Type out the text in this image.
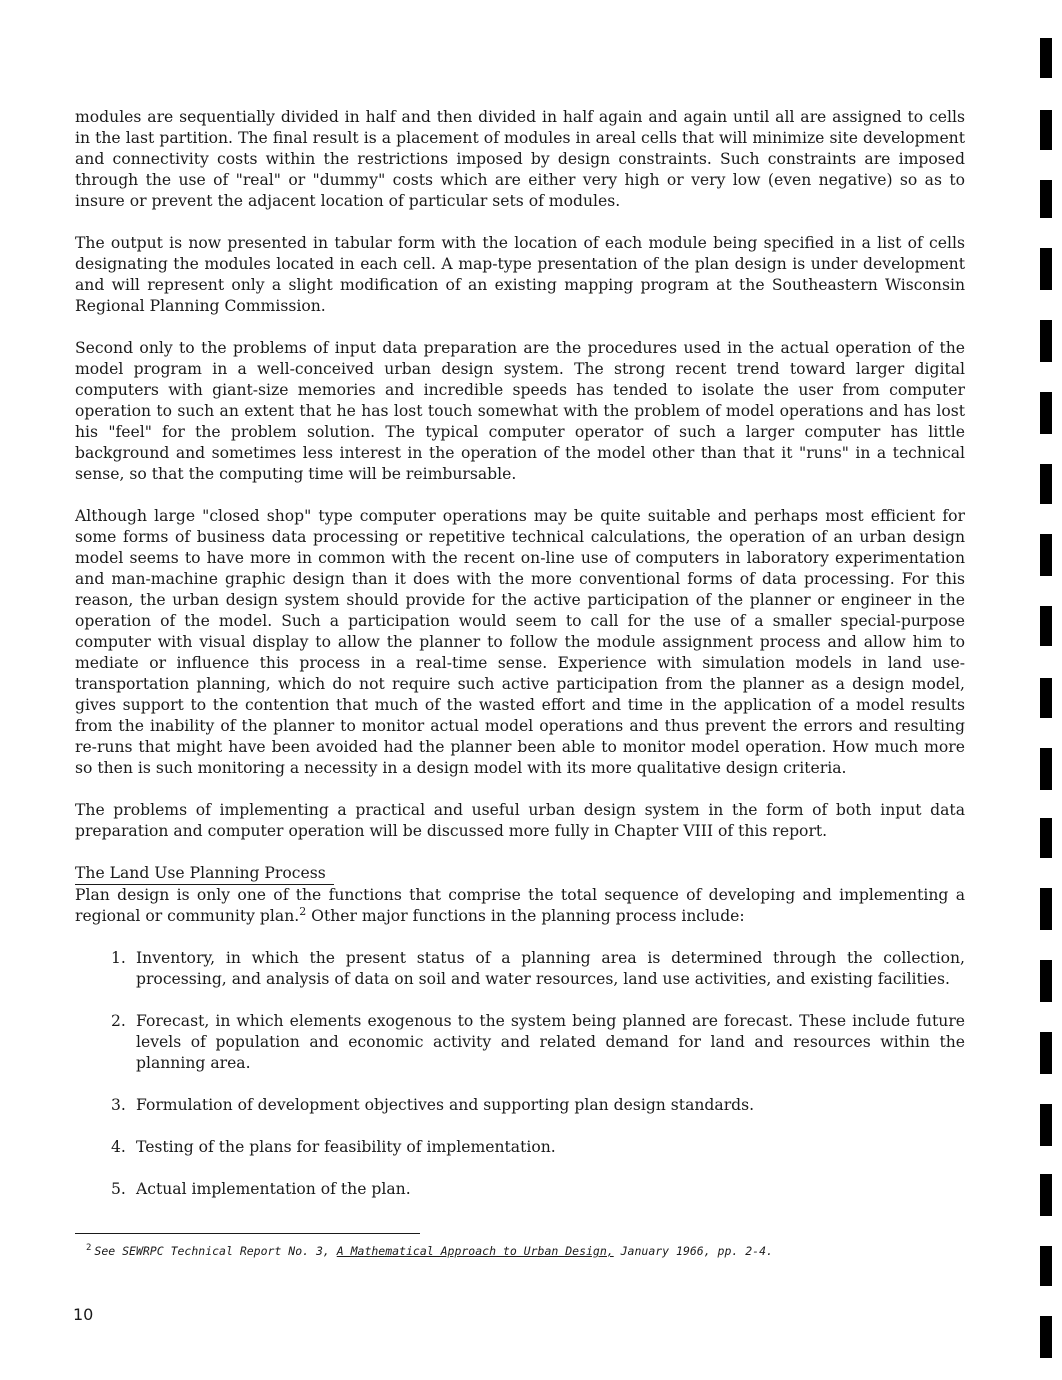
modules are sequentially divided in half and then divided in half again and again until all are assigned to cells in the last partition. The final result is a placement of modules in areal cells that will minimize site development and connectivity costs within the restrictions imposed by design constraints. Such constraints are imposed through the use of "real" or "dummy" costs which are either very high or very low (even negative) so as to insure or prevent the adjacent location of particular sets of modules.

The output is now presented in tabular form with the location of each module being specified in a list of cells designating the modules located in each cell. A map-type presentation of the plan design is under development and will represent only a slight modification of an existing mapping program at the Southeastern Wisconsin Regional Planning Commission.

Second only to the problems of input data preparation are the procedures used in the actual operation of the model program in a well-conceived urban design system. The strong recent trend toward larger digital computers with giant-size memories and incredible speeds has tended to isolate the user from computer operation to such an extent that he has lost touch somewhat with the problem of model operations and has lost his "feel" for the problem solution. The typical computer operator of such a larger computer has little background and sometimes less interest in the operation of the model other than that it "runs" in a technical sense, so that the computing time will be reimbursable.

Although large "closed shop" type computer operations may be quite suitable and perhaps most efficient for some forms of business data processing or repetitive technical calculations, the operation of an urban design model seems to have more in common with the recent on-line use of computers in laboratory experimentation and man-machine graphic design than it does with the more conventional forms of data processing. For this reason, the urban design system should provide for the active participation of the planner or engineer in the operation of the model. Such a participation would seem to call for the use of a smaller special-purpose computer with visual display to allow the planner to follow the module assignment process and allow him to mediate or influence this process in a real-time sense. Experience with simulation models in land use-transportation planning, which do not require such active participation from the planner as a design model, gives support to the contention that much of the wasted effort and time in the application of a model results from the inability of the planner to monitor actual model operations and thus prevent the errors and resulting re-runs that might have been avoided had the planner been able to monitor model operation. How much more so then is such monitoring a necessity in a design model with its more qualitative design criteria.

The problems of implementing a practical and useful urban design system in the form of both input data preparation and computer operation will be discussed more fully in Chapter VIII of this report.

The Land Use Planning Process

Plan design is only one of the functions that comprise the total sequence of developing and implementing a regional or community plan.$^2$ Other major functions in the planning process include:

1. Inventory, in which the present status of a planning area is determined through the collection, processing, and analysis of data on soil and water resources, land use activities, and existing facilities.
2. Forecast, in which elements exogenous to the system being planned are forecast. These include future levels of population and economic activity and related demand for land and resources within the planning area.
3. Formulation of development objectives and supporting plan design standards.
4. Testing of the plans for feasibility of implementation.
5. Actual implementation of the plan.
$^2$ See SEWRPC Technical Report No. 3, A Mathematical Approach to Urban Design, January 1966, pp. 2-4.
10
